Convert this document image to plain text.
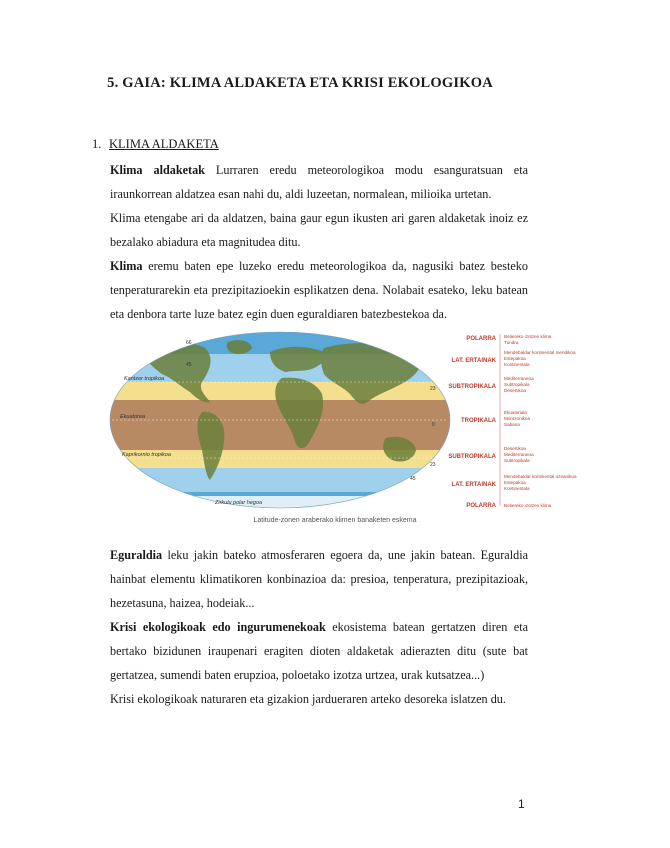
5. GAIA: KLIMA ALDAKETA ETA KRISI EKOLOGIKOA
1. KLIMA ALDAKETA

Klima aldaketak Lurraren eredu meteorologikoa modu esanguratsuan eta iraunkorrean aldatzea esan nahi du, aldi luzeetan, normalean, milioika urtetan.

Klima etengabe ari da aldatzen, baina gaur egun ikusten ari garen aldaketak inoiz ez bezalako abiadura eta magnitudea ditu.

Klima eremu baten epe luzeko eredu meteorologikoa da, nagusiki batez besteko tenperaturarekin eta prezipitazioekin esplikatzen dena. Nolabait esateko, leku batean eta denbora tarte luze batez egin duen eguraldiaren batezbestekoa da.

Kantzer tropikoa
Ekuatorea
Kaprikornio tropikoa
Zirkulu polar hegoa
66
45
23
0
23
45
POLARRA Betiereko izotzen klima
Tundra
LAT. ERTAINAK
Mendebaldar kontinental mendikoa
Estepakoa
Kontinentala
SUBTROPIKALA
Mediterraneoa
Subtropikala
Desertikoa
TROPIKALA
Ekuatoriala
Montzonikoa
Sabana
SUBTROPIKALA
Desertikoa
Mediterraneoa
Subtropikala
LAT. ERTAINAK
Mendebaldar kontinental ozeanikoa
Estepakoa
Kontinentala
POLARRA Betiereko izotzen klima
Latitude-zonen araberako klimen banaketen eskema

Eguraldia leku jakin bateko atmosferaren egoera da, une jakin batean. Eguraldia hainbat elementu klimatikoren konbinazioa da: presioa, tenperatura, prezipitazioak, hezetasuna, haizea, hodeiak...

Krisi ekologikoak edo ingurumenekoak ekosistema batean gertatzen diren eta bertako bizidunen iraupenari eragiten dioten aldaketak adierazten ditu (sute bat gertatzea, sumendi baten erupzioa, poloetako izotza urtzea, urak kutsatzea...)

Krisi ekologikoak naturaren eta gizakion jardueraren arteko desoreka islatzen du.

1
